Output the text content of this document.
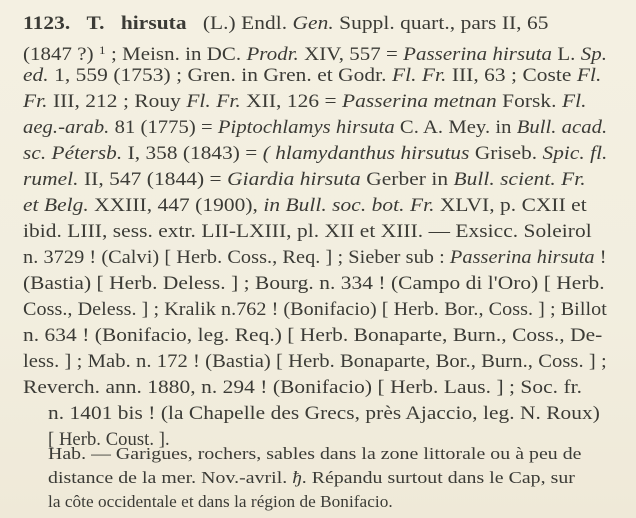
1123. T. hirsuta (L.) Endl. Gen. Suppl. quart., pars II, 65
(1847 ?) $^1$ ; Meisn. in DC. Prodr. XIV, 557 = Passerina hirsuta L. Sp.
ed. 1, 559 (1753) ; Gren. in Gren. et Godr. Fl. Fr. III, 63 ; Coste Fl.
Fr. III, 212 ; Rouy Fl. Fr. XII, 126 = Passerina metnan Forsk. Fl.
aeg.-arab. 81 (1775) = Piptochlamys hirsuta C. A. Mey. in Bull. acad.
sc. Pétersb. I, 358 (1843) = ( hlamydanthus hirsutus Griseb. Spic. fl.
rumel. II, 547 (1844) = Giardia hirsuta Gerber in Bull. scient. Fr.
et Belg. XXIII, 447 (1900), in Bull. soc. bot. Fr. XLVI, p. CXII et
ibid. LIII, sess. extr. LII-LXIII, pl. XII et XIII. — Exsicc. Soleirol
n. 3729 ! (Calvi) [ Herb. Coss., Req. ] ; Sieber sub : Passerina hirsuta !
(Bastia) [ Herb. Deless. ] ; Bourg. n. 334 ! (Campo di l'Oro) [ Herb.
Coss., Deless. ] ; Kralik n.762 ! (Bonifacio) [ Herb. Bor., Coss. ] ; Billot
n. 634 ! (Bonifacio, leg. Req.) [ Herb. Bonaparte, Burn., Coss., De-
less. ] ; Mab. n. 172 ! (Bastia) [ Herb. Bonaparte, Bor., Burn., Coss. ] ;
Reverch. ann. 1880, n. 294 ! (Bonifacio) [ Herb. Laus. ] ; Soc. fr.
n. 1401 bis ! (la Chapelle des Grecs, près Ajaccio, leg. N. Roux)
[ Herb. Coust. ].
Hab. — Garigues, rochers, sables dans la zone littorale ou à peu de
distance de la mer. Nov.-avril. ђ. Répandu surtout dans le Cap, sur
la côte occidentale et dans la région de Bonifacio.
